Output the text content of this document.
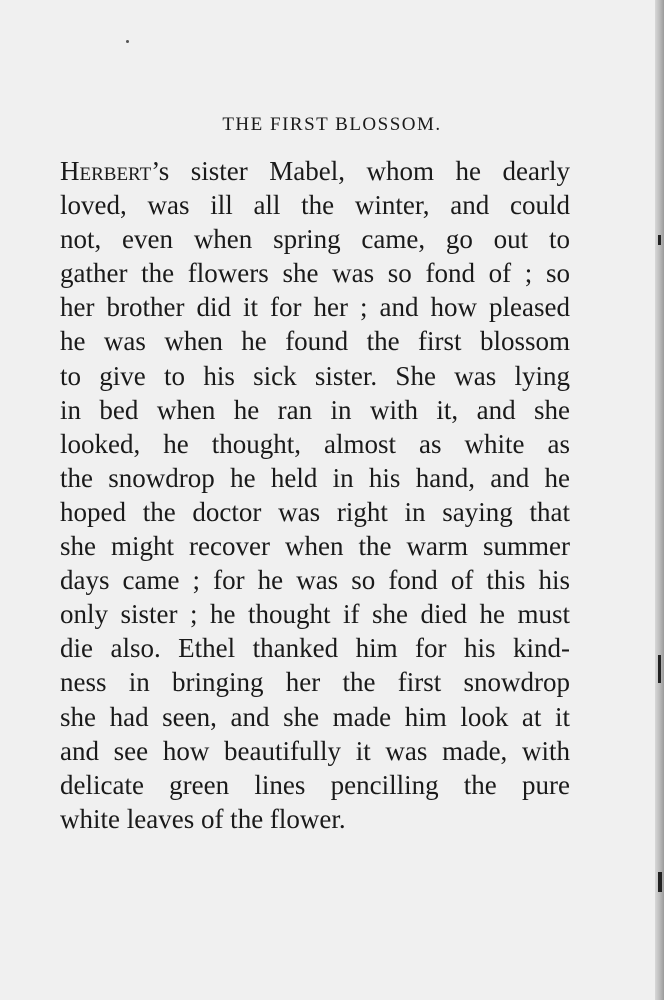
THE FIRST BLOSSOM.
Herbert’s sister Mabel, whom he dearly
loved, was ill all the winter, and could
not, even when spring came, go out to
gather the flowers she was so fond of ; so
her brother did it for her ; and how pleased
he was when he found the first blossom
to give to his sick sister. She was lying
in bed when he ran in with it, and she
looked, he thought, almost as white as
the snowdrop he held in his hand, and he
hoped the doctor was right in saying that
she might recover when the warm summer
days came ; for he was so fond of this his
only sister ; he thought if she died he must
die also. Ethel thanked him for his kind-
ness in bringing her the first snowdrop
she had seen, and she made him look at it
and see how beautifully it was made, with
delicate green lines pencilling the pure
white leaves of the flower.
